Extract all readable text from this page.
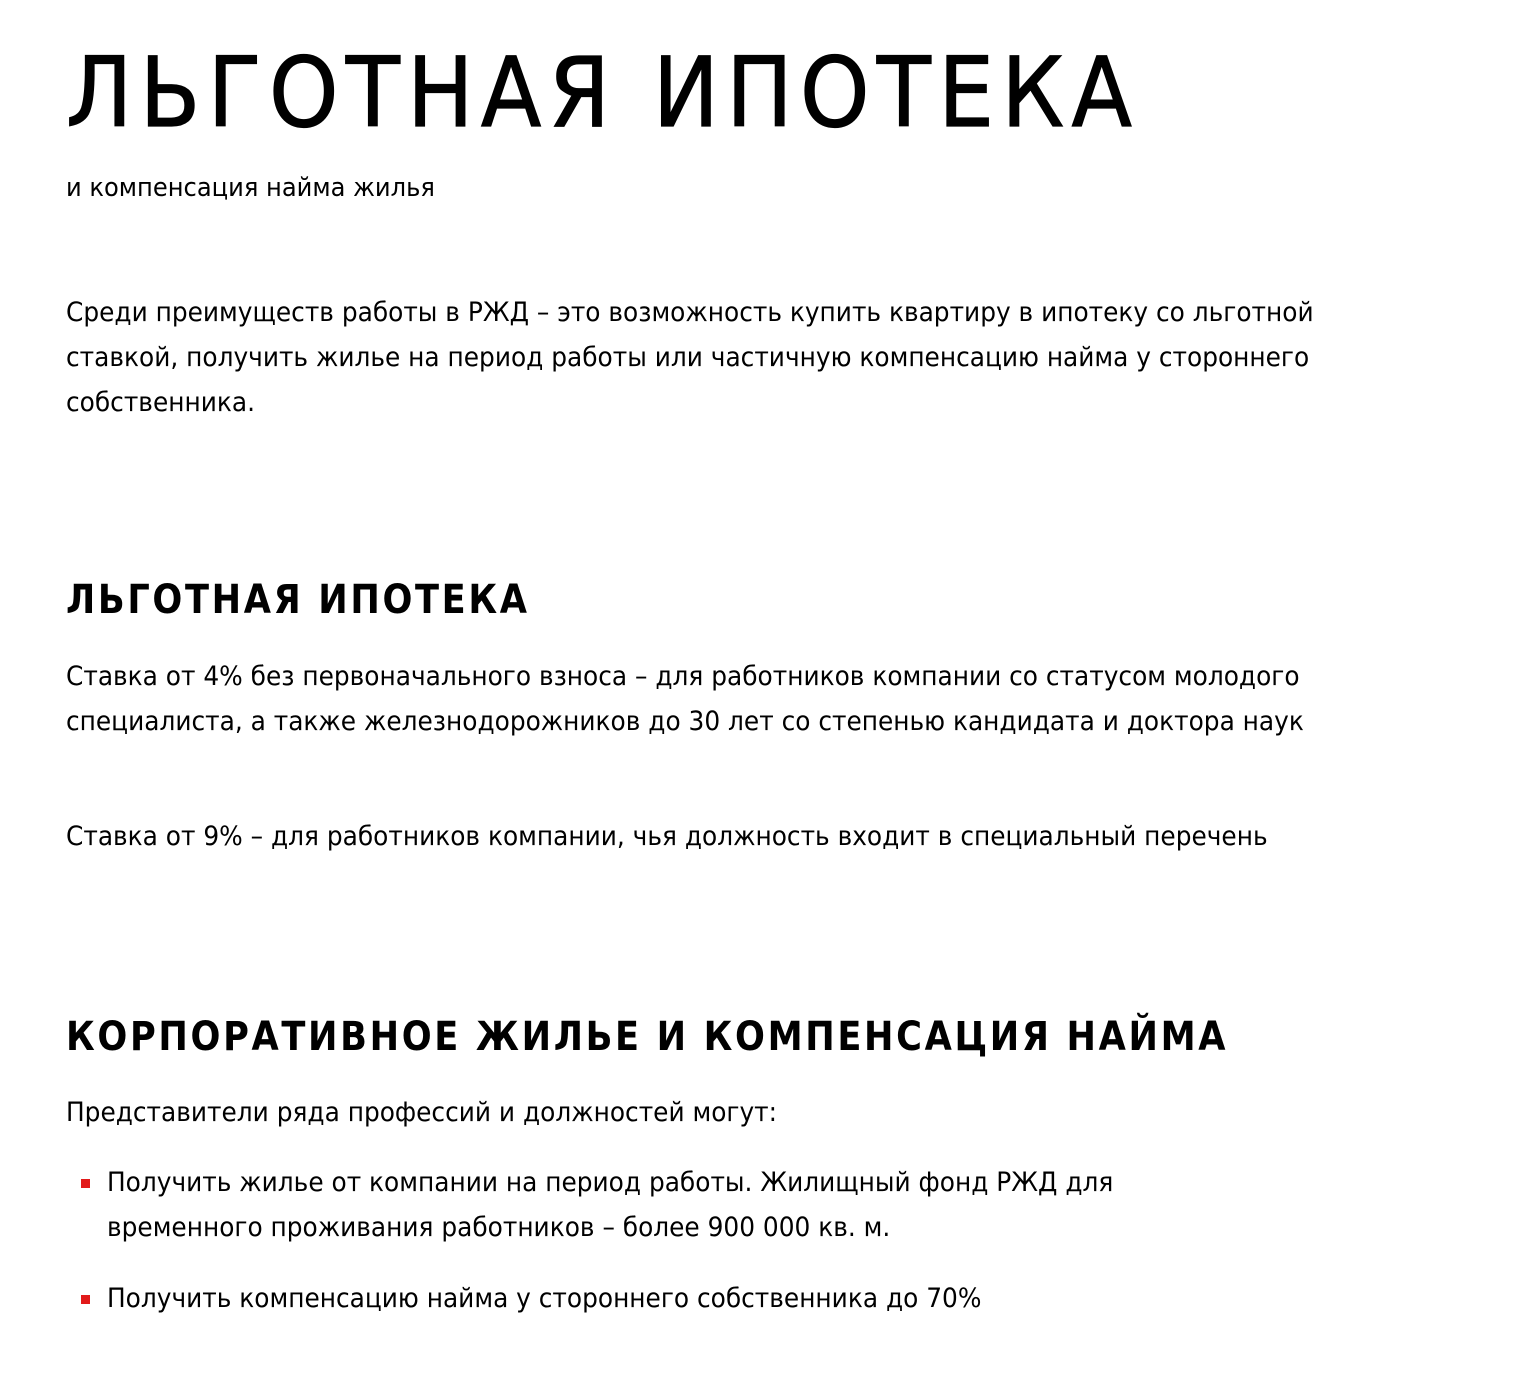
ЛЬГОТНАЯ ИПОТЕКА
и компенсация найма жилья

Среди преимуществ работы в РЖД – это возможность купить квартиру в ипотеку со льготной ставкой, получить жилье на период работы или частичную компенсацию найма у стороннего собственника.

ЛЬГОТНАЯ ИПОТЕКА

Ставка от 4% без первоначального взноса – для работников компании со статусом молодого специалиста, а также железнодорожников до 30 лет со степенью кандидата и доктора наук

Ставка от 9% – для работников компании, чья должность входит в специальный перечень

КОРПОРАТИВНОЕ ЖИЛЬЕ И КОМПЕНСАЦИЯ НАЙМА

Представители ряда профессий и должностей могут:

Получить жилье от компании на период работы. Жилищный фонд РЖД для временного проживания работников – более 900 000 кв. м.
Получить компенсацию найма у стороннего собственника до 70%
